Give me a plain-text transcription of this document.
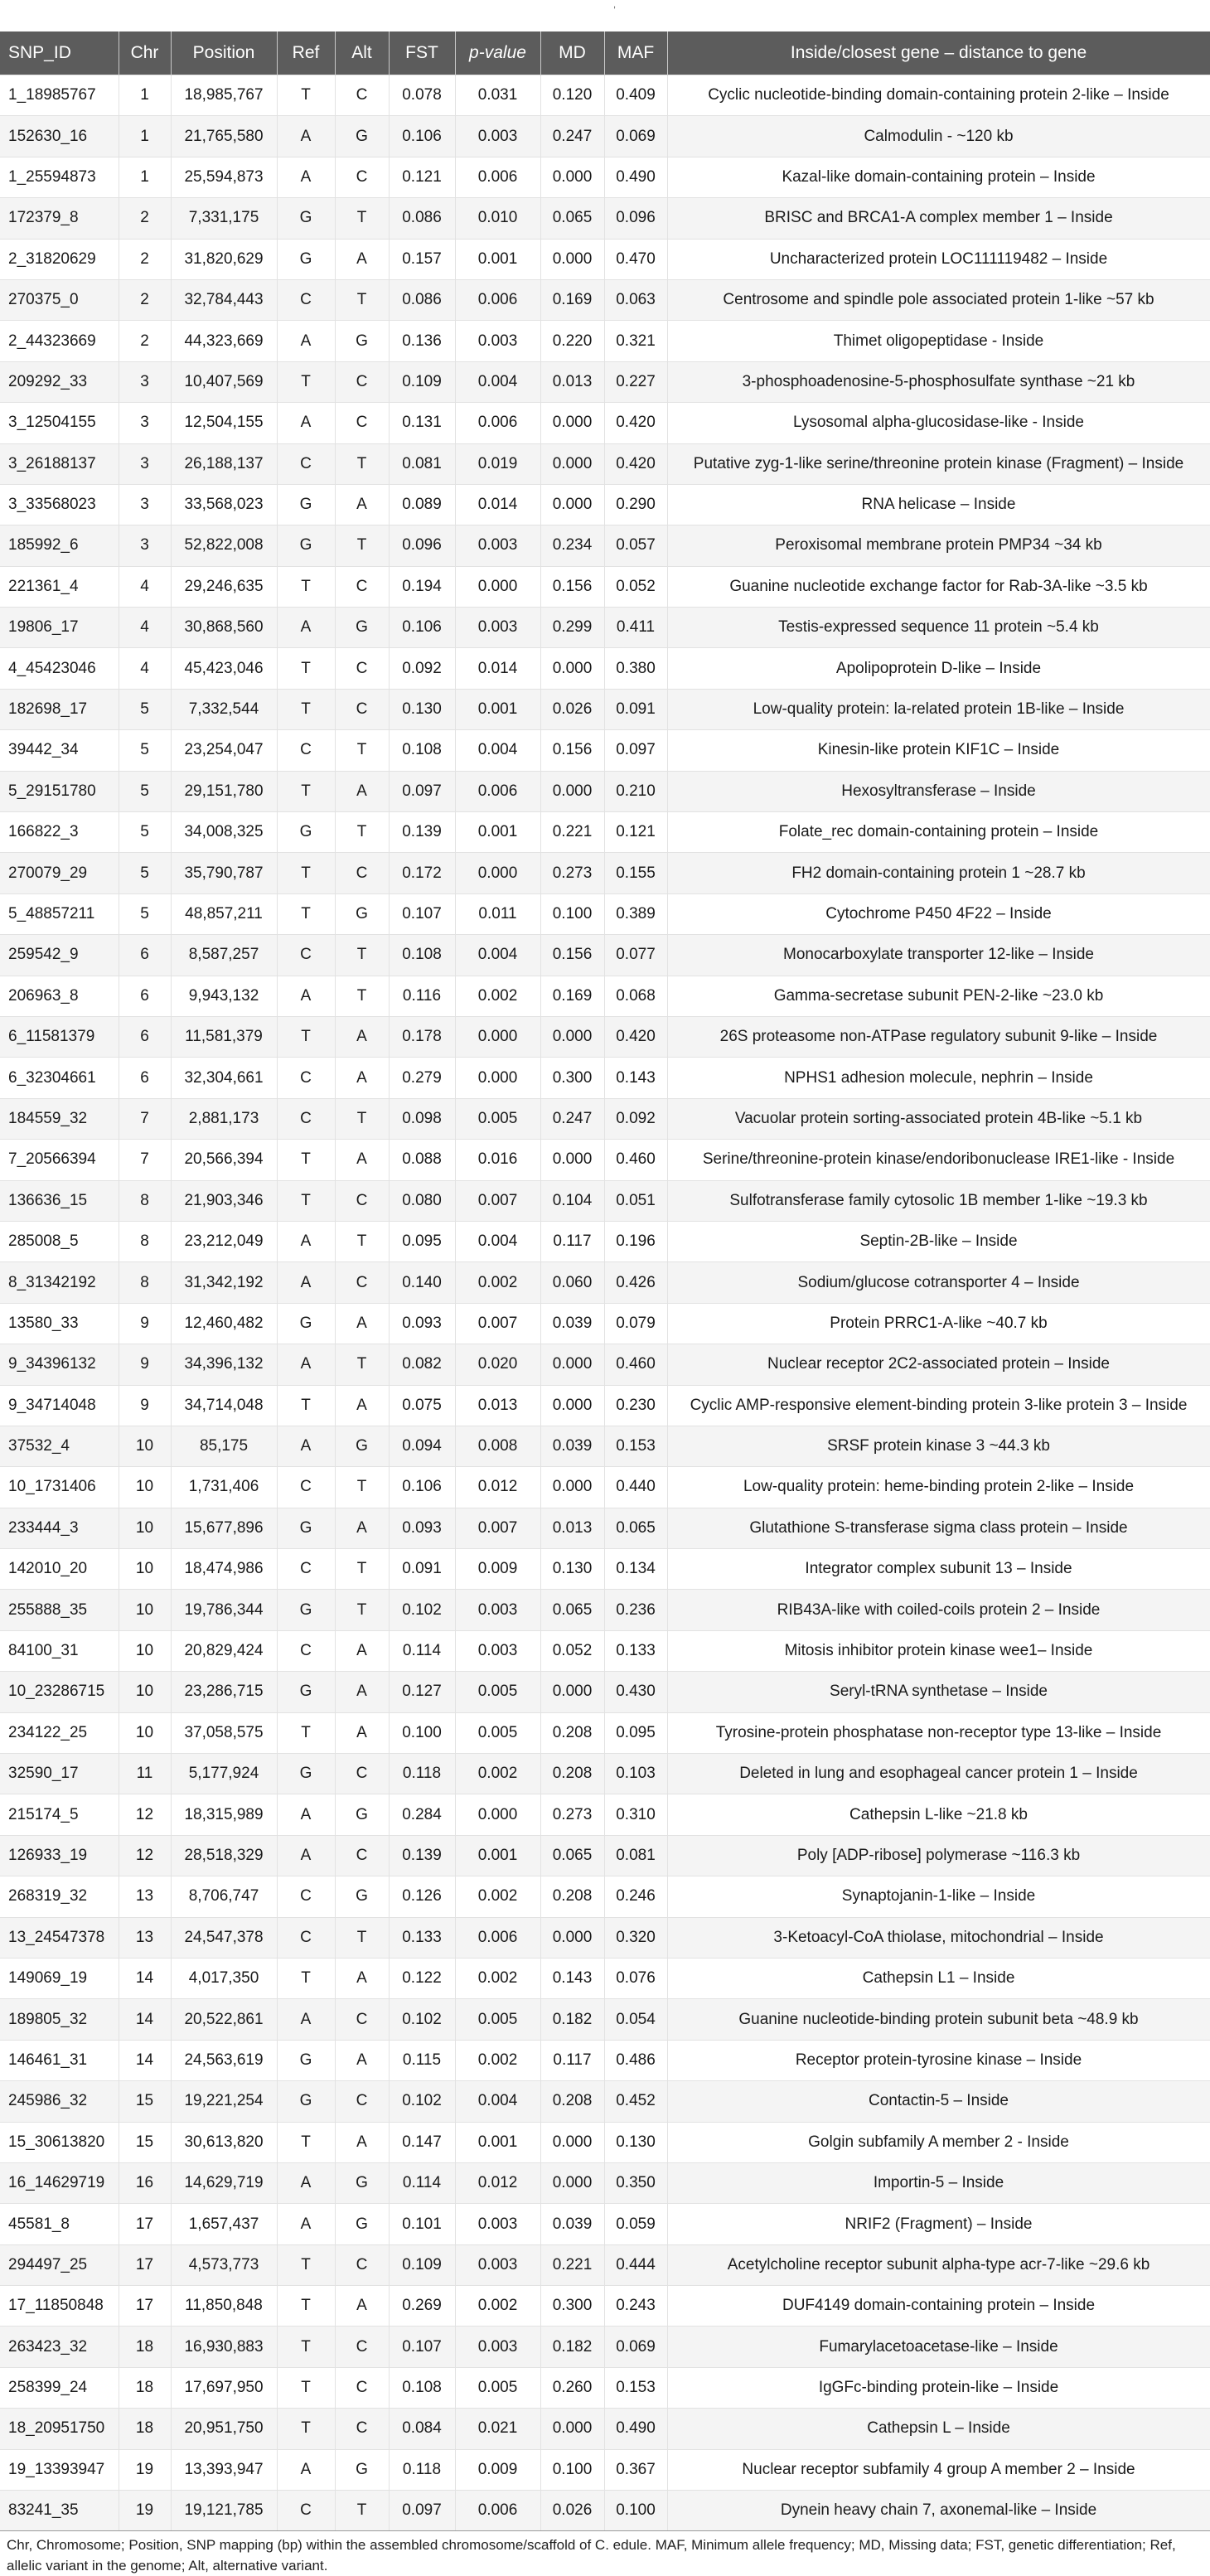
,
SNP_ID	Chr	Position	Ref	Alt	FST	p-value	MD	MAF	Inside/closest gene – distance to gene
1_18985767	1	18,985,767	T	C	0.078	0.031	0.120	0.409	Cyclic nucleotide-binding domain-containing protein 2-like – Inside
152630_16	1	21,765,580	A	G	0.106	0.003	0.247	0.069	Calmodulin - ~120 kb
1_25594873	1	25,594,873	A	C	0.121	0.006	0.000	0.490	Kazal-like domain-containing protein – Inside
172379_8	2	7,331,175	G	T	0.086	0.010	0.065	0.096	BRISC and BRCA1-A complex member 1 – Inside
2_31820629	2	31,820,629	G	A	0.157	0.001	0.000	0.470	Uncharacterized protein LOC111119482 – Inside
270375_0	2	32,784,443	C	T	0.086	0.006	0.169	0.063	Centrosome and spindle pole associated protein 1-like ~57 kb
2_44323669	2	44,323,669	A	G	0.136	0.003	0.220	0.321	Thimet oligopeptidase - Inside
209292_33	3	10,407,569	T	C	0.109	0.004	0.013	0.227	3-phosphoadenosine-5-phosphosulfate synthase ~21 kb
3_12504155	3	12,504,155	A	C	0.131	0.006	0.000	0.420	Lysosomal alpha-glucosidase-like - Inside
3_26188137	3	26,188,137	C	T	0.081	0.019	0.000	0.420	Putative zyg-1-like serine/threonine protein kinase (Fragment) – Inside
3_33568023	3	33,568,023	G	A	0.089	0.014	0.000	0.290	RNA helicase – Inside
185992_6	3	52,822,008	G	T	0.096	0.003	0.234	0.057	Peroxisomal membrane protein PMP34 ~34 kb
221361_4	4	29,246,635	T	C	0.194	0.000	0.156	0.052	Guanine nucleotide exchange factor for Rab-3A-like ~3.5 kb
19806_17	4	30,868,560	A	G	0.106	0.003	0.299	0.411	Testis-expressed sequence 11 protein ~5.4 kb
4_45423046	4	45,423,046	T	C	0.092	0.014	0.000	0.380	Apolipoprotein D-like – Inside
182698_17	5	7,332,544	T	C	0.130	0.001	0.026	0.091	Low-quality protein: la-related protein 1B-like – Inside
39442_34	5	23,254,047	C	T	0.108	0.004	0.156	0.097	Kinesin-like protein KIF1C – Inside
5_29151780	5	29,151,780	T	A	0.097	0.006	0.000	0.210	Hexosyltransferase – Inside
166822_3	5	34,008,325	G	T	0.139	0.001	0.221	0.121	Folate_rec domain-containing protein – Inside
270079_29	5	35,790,787	T	C	0.172	0.000	0.273	0.155	FH2 domain-containing protein 1 ~28.7 kb
5_48857211	5	48,857,211	T	G	0.107	0.011	0.100	0.389	Cytochrome P450 4F22 – Inside
259542_9	6	8,587,257	C	T	0.108	0.004	0.156	0.077	Monocarboxylate transporter 12-like – Inside
206963_8	6	9,943,132	A	T	0.116	0.002	0.169	0.068	Gamma-secretase subunit PEN-2-like ~23.0 kb
6_11581379	6	11,581,379	T	A	0.178	0.000	0.000	0.420	26S proteasome non-ATPase regulatory subunit 9-like – Inside
6_32304661	6	32,304,661	C	A	0.279	0.000	0.300	0.143	NPHS1 adhesion molecule, nephrin – Inside
184559_32	7	2,881,173	C	T	0.098	0.005	0.247	0.092	Vacuolar protein sorting-associated protein 4B-like ~5.1 kb
7_20566394	7	20,566,394	T	A	0.088	0.016	0.000	0.460	Serine/threonine-protein kinase/endoribonuclease IRE1-like - Inside
136636_15	8	21,903,346	T	C	0.080	0.007	0.104	0.051	Sulfotransferase family cytosolic 1B member 1-like ~19.3 kb
285008_5	8	23,212,049	A	T	0.095	0.004	0.117	0.196	Septin-2B-like – Inside
8_31342192	8	31,342,192	A	C	0.140	0.002	0.060	0.426	Sodium/glucose cotransporter 4 – Inside
13580_33	9	12,460,482	G	A	0.093	0.007	0.039	0.079	Protein PRRC1-A-like ~40.7 kb
9_34396132	9	34,396,132	A	T	0.082	0.020	0.000	0.460	Nuclear receptor 2C2-associated protein – Inside
9_34714048	9	34,714,048	T	A	0.075	0.013	0.000	0.230	Cyclic AMP-responsive element-binding protein 3-like protein 3 – Inside
37532_4	10	85,175	A	G	0.094	0.008	0.039	0.153	SRSF protein kinase 3 ~44.3 kb
10_1731406	10	1,731,406	C	T	0.106	0.012	0.000	0.440	Low-quality protein: heme-binding protein 2-like – Inside
233444_3	10	15,677,896	G	A	0.093	0.007	0.013	0.065	Glutathione S-transferase sigma class protein – Inside
142010_20	10	18,474,986	C	T	0.091	0.009	0.130	0.134	Integrator complex subunit 13 – Inside
255888_35	10	19,786,344	G	T	0.102	0.003	0.065	0.236	RIB43A-like with coiled-coils protein 2 – Inside
84100_31	10	20,829,424	C	A	0.114	0.003	0.052	0.133	Mitosis inhibitor protein kinase wee1– Inside
10_23286715	10	23,286,715	G	A	0.127	0.005	0.000	0.430	Seryl-tRNA synthetase – Inside
234122_25	10	37,058,575	T	A	0.100	0.005	0.208	0.095	Tyrosine-protein phosphatase non-receptor type 13-like – Inside
32590_17	11	5,177,924	G	C	0.118	0.002	0.208	0.103	Deleted in lung and esophageal cancer protein 1 – Inside
215174_5	12	18,315,989	A	G	0.284	0.000	0.273	0.310	Cathepsin L-like ~21.8 kb
126933_19	12	28,518,329	A	C	0.139	0.001	0.065	0.081	Poly [ADP-ribose] polymerase ~116.3 kb
268319_32	13	8,706,747	C	G	0.126	0.002	0.208	0.246	Synaptojanin-1-like – Inside
13_24547378	13	24,547,378	C	T	0.133	0.006	0.000	0.320	3-Ketoacyl-CoA thiolase, mitochondrial – Inside
149069_19	14	4,017,350	T	A	0.122	0.002	0.143	0.076	Cathepsin L1 – Inside
189805_32	14	20,522,861	A	C	0.102	0.005	0.182	0.054	Guanine nucleotide-binding protein subunit beta ~48.9 kb
146461_31	14	24,563,619	G	A	0.115	0.002	0.117	0.486	Receptor protein-tyrosine kinase – Inside
245986_32	15	19,221,254	G	C	0.102	0.004	0.208	0.452	Contactin-5 – Inside
15_30613820	15	30,613,820	T	A	0.147	0.001	0.000	0.130	Golgin subfamily A member 2 - Inside
16_14629719	16	14,629,719	A	G	0.114	0.012	0.000	0.350	Importin-5 – Inside
45581_8	17	1,657,437	A	G	0.101	0.003	0.039	0.059	NRIF2 (Fragment) – Inside
294497_25	17	4,573,773	T	C	0.109	0.003	0.221	0.444	Acetylcholine receptor subunit alpha-type acr-7-like ~29.6 kb
17_11850848	17	11,850,848	T	A	0.269	0.002	0.300	0.243	DUF4149 domain-containing protein – Inside
263423_32	18	16,930,883	T	C	0.107	0.003	0.182	0.069	Fumarylacetoacetase-like – Inside
258399_24	18	17,697,950	T	C	0.108	0.005	0.260	0.153	IgGFc-binding protein-like – Inside
18_20951750	18	20,951,750	T	C	0.084	0.021	0.000	0.490	Cathepsin L – Inside
19_13393947	19	13,393,947	A	G	0.118	0.009	0.100	0.367	Nuclear receptor subfamily 4 group A member 2 – Inside
83241_35	19	19,121,785	C	T	0.097	0.006	0.026	0.100	Dynein heavy chain 7, axonemal-like – Inside
Chr, Chromosome; Position, SNP mapping (bp) within the assembled chromosome/scaffold of C. edule. MAF, Minimum allele frequency; MD, Missing data; FST, genetic differentiation; Ref, allelic variant in the genome; Alt, alternative variant.
